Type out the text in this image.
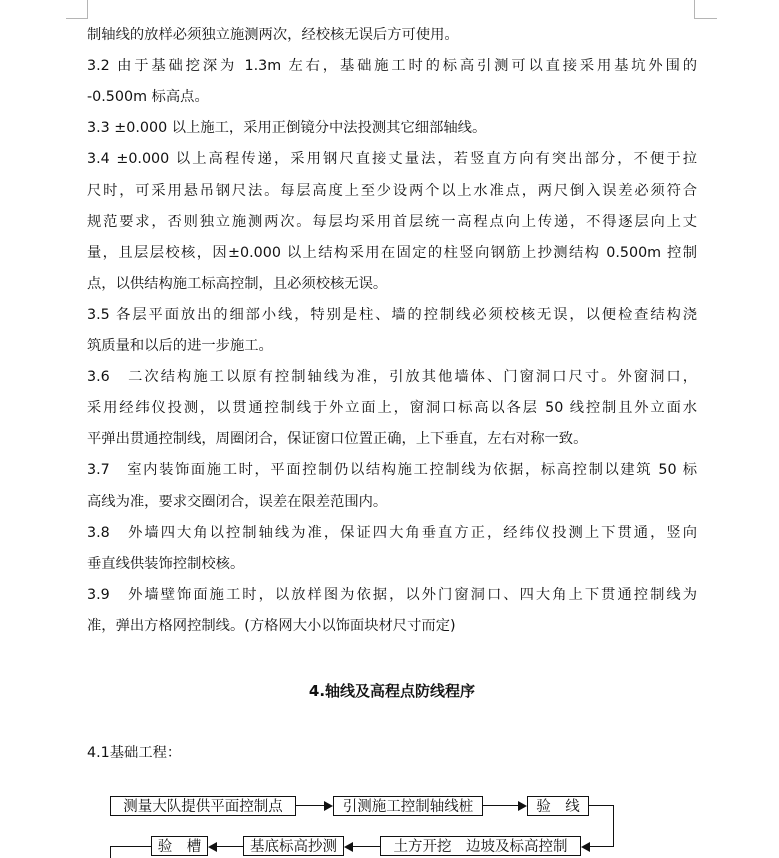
制轴线的放样必须独立施测两次，经校核无误后方可使用。
3.2 由于基础挖深为 1.3m 左右，基础施工时的标高引测可以直接采用基坑外围的
-0.500m 标高点。
3.3 ±0.000 以上施工，采用正倒镜分中法投测其它细部轴线。
3.4 ±0.000 以上高程传递，采用钢尺直接丈量法，若竖直方向有突出部分，不便于拉
尺时，可采用悬吊钢尺法。每层高度上至少设两个以上水准点，两尺倒入误差必须符合
规范要求，否则独立施测两次。每层均采用首层统一高程点向上传递，不得逐层向上丈
量，且层层校核，因±0.000 以上结构采用在固定的柱竖向钢筋上抄测结构 0.500m 控制
点，以供结构施工标高控制，且必须校核无误。
3.5 各层平面放出的细部小线，特别是柱、墙的控制线必须校核无误，以便检查结构浇
筑质量和以后的进一步施工。
3.6　二次结构施工以原有控制轴线为准，引放其他墙体、门窗洞口尺寸。外窗洞口，
采用经纬仪投测，以贯通控制线于外立面上，窗洞口标高以各层 50 线控制且外立面水
平弹出贯通控制线，周圈闭合，保证窗口位置正确，上下垂直，左右对称一致。
3.7　室内装饰面施工时，平面控制仍以结构施工控制线为依据，标高控制以建筑 50 标
高线为准，要求交圈闭合，误差在限差范围内。
3.8　外墙四大角以控制轴线为准，保证四大角垂直方正，经纬仪投测上下贯通，竖向
垂直线供装饰控制校核。
3.9　外墙壁饰面施工时，以放样图为依据，以外门窗洞口、四大角上下贯通控制线为
准，弹出方格网控制线。(方格网大小以饰面块材尺寸而定)
4.轴线及高程点防线程序
4.1基础工程：
测量大队提供平面控制点	引测施工控制轴线桩	验　线
土方开挖　边坡及标高控制
基底标高抄测
验　槽
